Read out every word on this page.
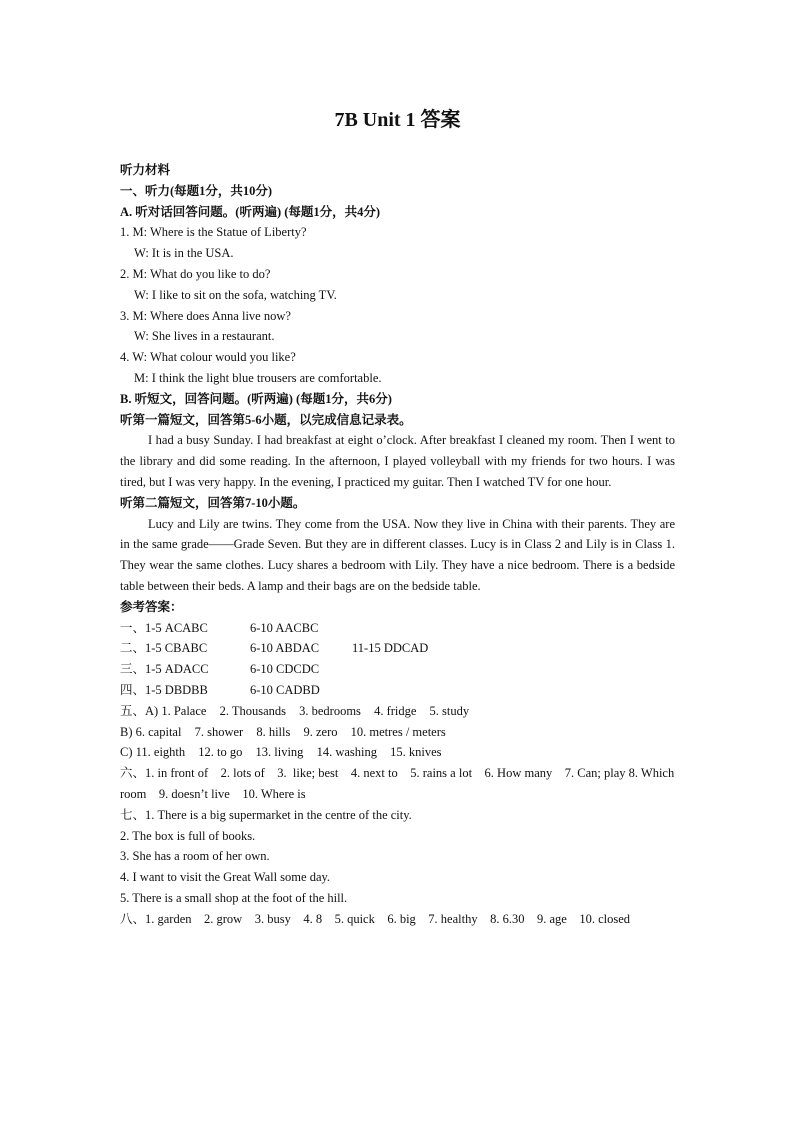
7B Unit 1 答案
听力材料
一、听力(每题1分，共10分)
A. 听对话回答问题。(听两遍) (每题1分，共4分)
1. M: Where is the Statue of Liberty?
W: It is in the USA.
2. M: What do you like to do?
W: I like to sit on the sofa, watching TV.
3. M: Where does Anna live now?
W: She lives in a restaurant.
4. W: What colour would you like?
M: I think the light blue trousers are comfortable.
B. 听短文，回答问题。(听两遍) (每题1分，共6分)
听第一篇短文，回答第5-6小题，以完成信息记录表。
I had a busy Sunday. I had breakfast at eight o’clock. After breakfast I cleaned my room. Then I went to the library and did some reading. In the afternoon, I played volleyball with my friends for two hours. I was tired, but I was very happy. In the evening, I practiced my guitar. Then I watched TV for one hour.
听第二篇短文，回答第7-10小题。
Lucy and Lily are twins. They come from the USA. Now they live in China with their parents. They are in the same grade——Grade Seven. But they are in different classes. Lucy is in Class 2 and Lily is in Class 1. They wear the same clothes. Lucy shares a bedroom with Lily. They have a nice bedroom. There is a bedside table between their beds. A lamp and their bags are on the bedside table.
参考答案：
一、1-5 ACABC	6-10 AACBC
二、1-5 CBABC	6-10 ABDAC	11-15 DDCAD
三、1-5 ADACC	6-10 CDCDC
四、1-5 DBDBB	6-10 CADBD
五、A) 1. Palace 2. Thousands 3. bedrooms 4. fridge 5. study
B) 6. capital 7. shower 8. hills 9. zero 10. metres / meters
C) 11. eighth 12. to go 13. living 14. washing 15. knives
六、1. in front of    2. lots of    3.  like; best    4. next to    5. rains a lot    6. How many    7. Can; play 8. Which room    9. doesn’t live    10. Where is
七、1. There is a big supermarket in the centre of the city.
2. The box is full of books.
3. She has a room of her own.
4. I want to visit the Great Wall some day.
5. There is a small shop at the foot of the hill.
八、1. garden    2. grow    3. busy    4. 8    5. quick    6. big    7. healthy    8. 6.30    9. age    10. closed
